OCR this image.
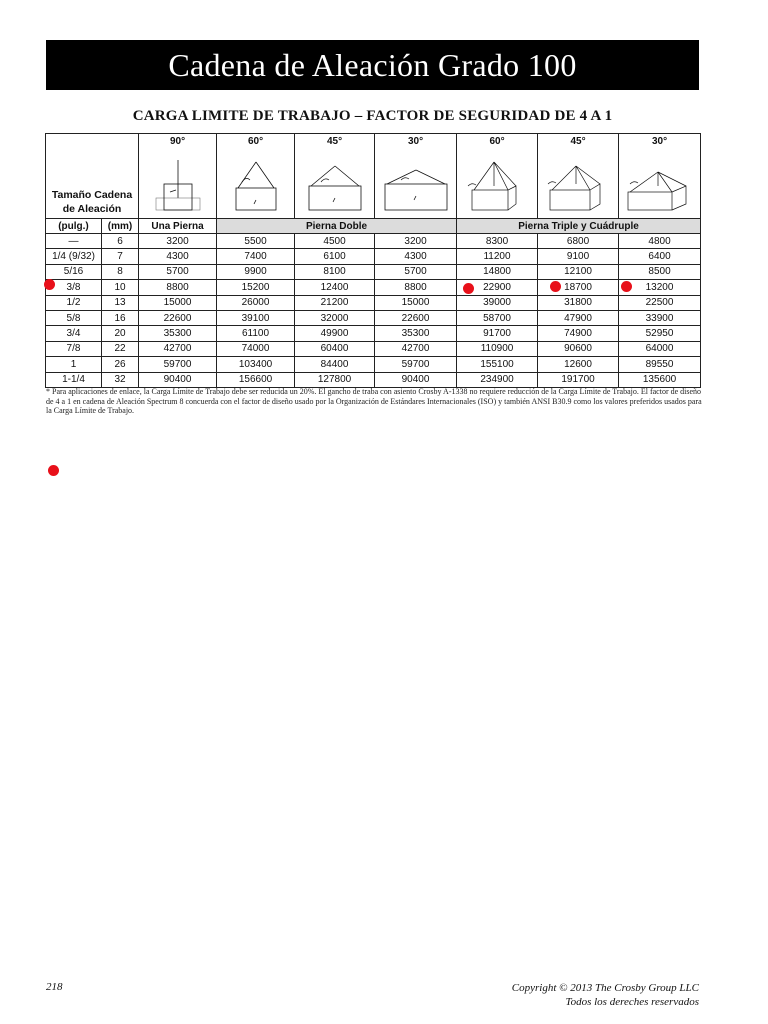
Cadena de Aleación Grado 100
CARGA LIMITE DE TRABAJO – FACTOR DE SEGURIDAD DE 4 A 1
Tamaño Cadena
de Aleación		90°	60°	45°	30°	60°	45°	30°

(pulg.)	(mm)	Una Pierna	Pierna Doble			Pierna Triple y Cuádruple		
—	6	3200	5500	4500	3200	8300	6800	4800
1/4 (9/32)	7	4300	7400	6100	4300	11200	9100	6400
5/16	8	5700	9900	8100	5700	14800	12100	8500
3/8	10	8800	15200	12400	8800	22900	18700	13200
1/2	13	15000	26000	21200	15000	39000	31800	22500
5/8	16	22600	39100	32000	22600	58700	47900	33900
3/4	20	35300	61100	49900	35300	91700	74900	52950
7/8	22	42700	74000	60400	42700	110900	90600	64000
1	26	59700	103400	84400	59700	155100	12600	89550
1-1/4	32	90400	156600	127800	90400	234900	191700	135600
* Para aplicaciones de enlace, la Carga Límite de Trabajo debe ser reducida un 20%. El gancho de traba con asiento Crosby A-1338 no requiere reducción de la Carga Límite de Trabajo. El factor de diseño de 4 a 1 en cadena de Aleación Spectrum 8 concuerda con el factor de diseño usado por la Organización de Estándares Internacionales (ISO) y también ANSI B30.9 como los valores preferidos usados para la Carga Límite de Trabajo.
218	Copyright © 2013 The Crosby Group LLC
Todos los dereches reservados
